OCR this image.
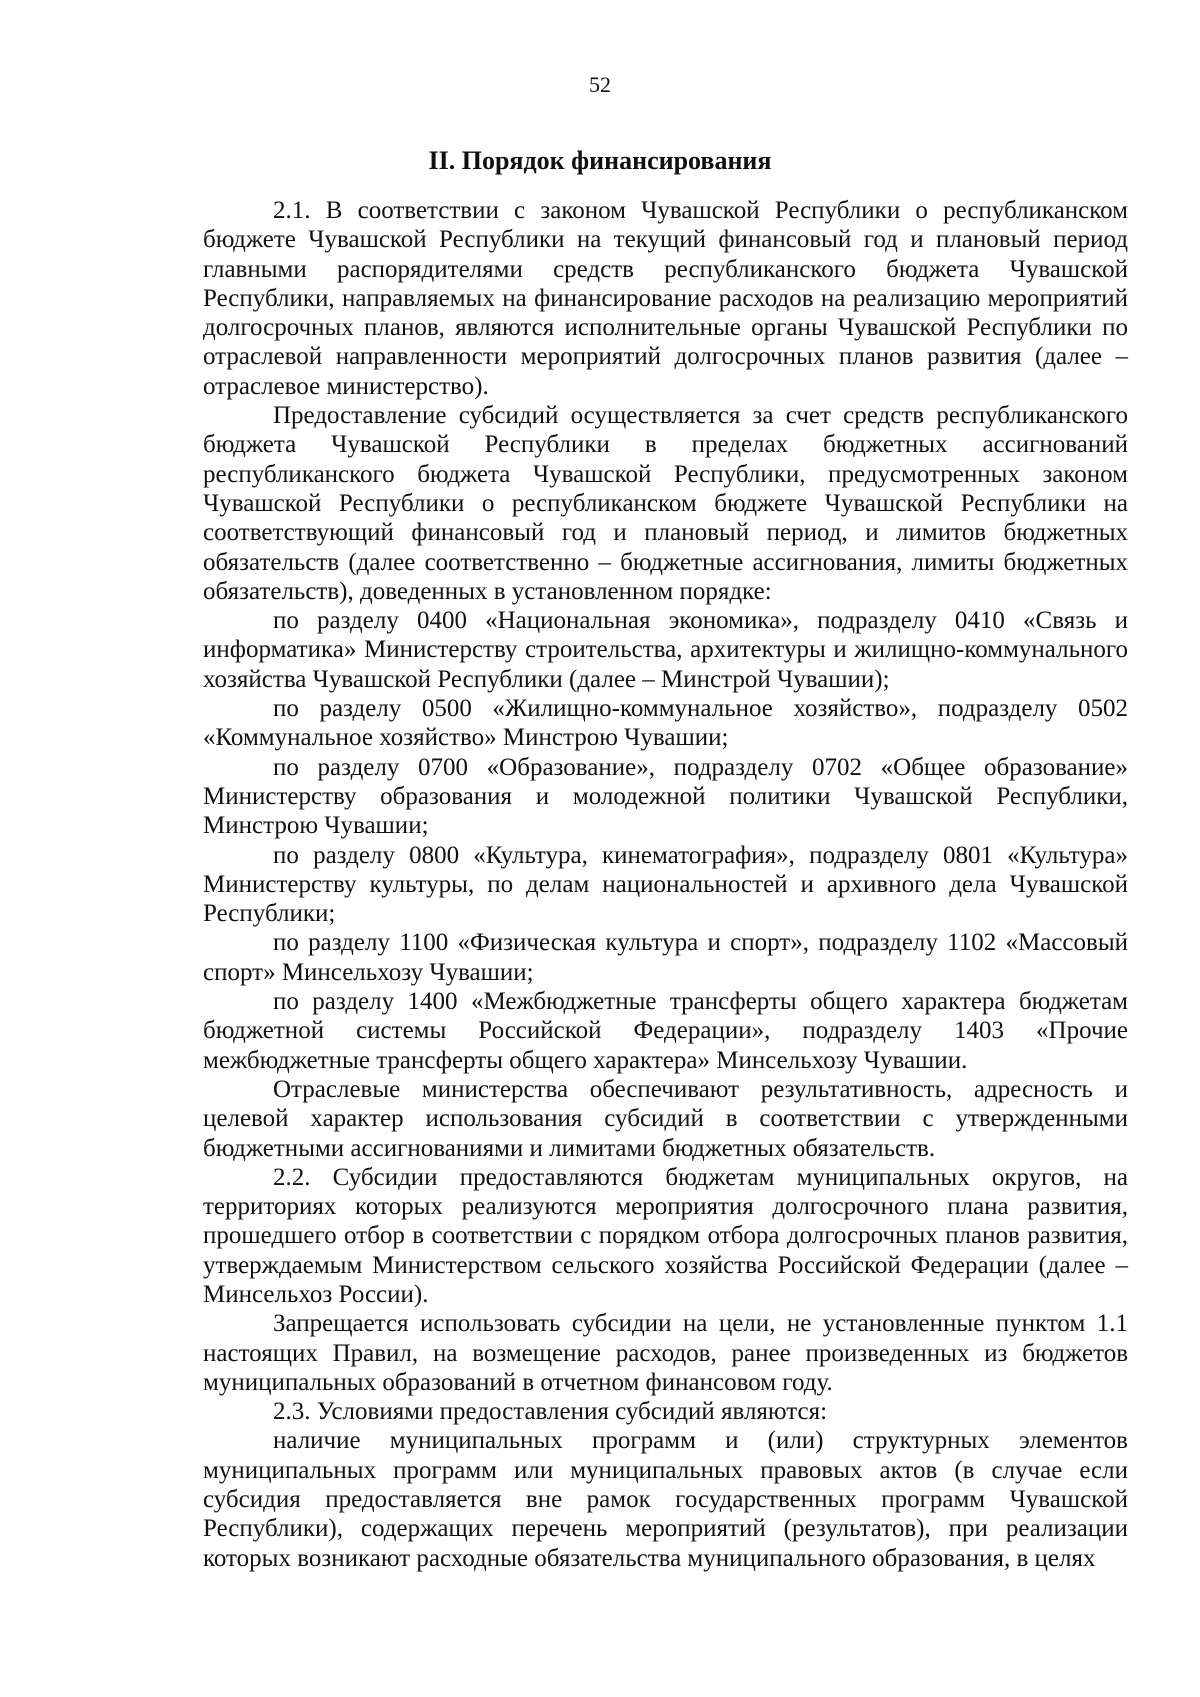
52
II. Порядок финансирования

2.1. В соответствии с законом Чувашской Республики о республиканском бюджете Чувашской Республики на текущий финансовый год и плановый период главными распорядителями средств республиканского бюджета Чувашской Республики, направляемых на финансирование расходов на реализацию мероприятий долгосрочных планов, являются исполнительные органы Чувашской Республики по отраслевой направленности мероприятий долгосрочных планов развития (далее – отраслевое министерство).

Предоставление субсидий осуществляется за счет средств республиканского бюджета Чувашской Республики в пределах бюджетных ассигнований республиканского бюджета Чувашской Республики, предусмотренных законом Чувашской Республики о республиканском бюджете Чувашской Республики на соответствующий финансовый год и плановый период, и лимитов бюджетных обязательств (далее соответственно – бюджетные ассигнования, лимиты бюджетных обязательств), доведенных в установленном порядке:

по разделу 0400 «Национальная экономика», подразделу 0410 «Связь и информатика» Министерству строительства, архитектуры и жилищно-коммунального хозяйства Чувашской Республики (далее – Минстрой Чувашии);

по разделу 0500 «Жилищно-коммунальное хозяйство», подразделу 0502 «Коммунальное хозяйство» Минстрою Чувашии;

по разделу 0700 «Образование», подразделу 0702 «Общее образование» Министерству образования и молодежной политики Чувашской Республики, Минстрою Чувашии;

по разделу 0800 «Культура, кинематография», подразделу 0801 «Культура» Министерству культуры, по делам национальностей и архивного дела Чувашской Республики;

по разделу 1100 «Физическая культура и спорт», подразделу 1102 «Массовый спорт» Минсельхозу Чувашии;

по разделу 1400 «Межбюджетные трансферты общего характера бюджетам бюджетной системы Российской Федерации», подразделу 1403 «Прочие межбюджетные трансферты общего характера» Минсельхозу Чувашии.

Отраслевые министерства обеспечивают результативность, адресность и целевой характер использования субсидий в соответствии с утвержденными бюджетными ассигнованиями и лимитами бюджетных обязательств.

2.2. Субсидии предоставляются бюджетам муниципальных округов, на территориях которых реализуются мероприятия долгосрочного плана развития, прошедшего отбор в соответствии с порядком отбора долгосрочных планов развития, утверждаемым Министерством сельского хозяйства Российской Федерации (далее – Минсельхоз России).

Запрещается использовать субсидии на цели, не установленные пунктом 1.1 настоящих Правил, на возмещение расходов, ранее произведенных из бюджетов муниципальных образований в отчетном финансовом году.

2.3. Условиями предоставления субсидий являются:

наличие муниципальных программ и (или) структурных элементов муниципальных программ или муниципальных правовых актов (в случае если субсидия предоставляется вне рамок государственных программ Чувашской Республики), содержащих перечень мероприятий (результатов), при реализации которых возникают расходные обязательства муниципального образования, в целях
